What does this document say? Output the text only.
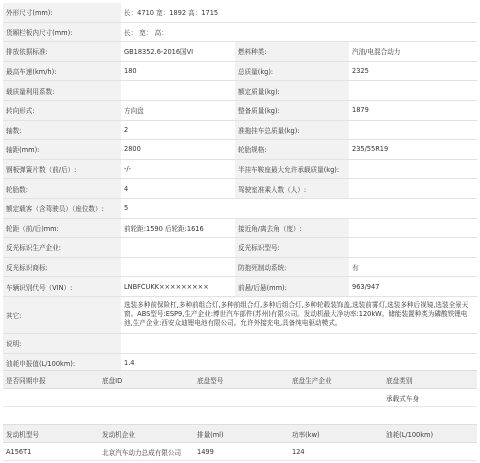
外形尺寸(mm):	长：4710 宽：1892 高：1715		
货厢栏板内尺寸(mm):	长： 宽： 高：		
排放依据标准:	GB18352.6-2016国VI	燃料种类:	汽油/电混合动力
最高车速(km/h):	180	总质量(kg):	2325
载质量利用系数:		额定质量(kg):	
转向形式:	方向盘	整备质量(kg):	1879
轴数:	2	准拖挂车总质量(kg):	
轴距(mm):	2800	轮胎规格:	235/55R19
钢板弹簧片数（前/后）:	-/-	半挂车鞍座最大允许承载质量(kg):	
轮胎数:	4	驾驶室准乘人数（人）:	
额定载客（含驾驶员）（座位数）:	5		
轮距（前/后)mm:	前轮距:1590 后轮距:1616	接近角/离去角（度）:	
反光标识生产企业:		反光标识型号:	
反光标识商标:		防抱死制动系统:	有
车辆识别代号（VIN）:	LNBFCUKK×××××××××	前悬/后悬(mm):	963/947
其它:	选装多种前保险杠,多种前组合灯,多种前组合灯,多种后组合灯,多种轮毂装饰盖,选装前雾灯,选装多种后视镜,选装全景天窗。ABS型号:ESP9,生产企业:博世汽车部件(苏州)有限公司。发动机最大净功率:120kW。储能装置种类为磷酸铁锂电池,生产企业:西安众迪锂电池有限公司。允许外接充电,具备纯电驱动模式。		
说明:			
油耗申报值(L/100km):	1.4		
是否同期申报	底盘ID	底盘型号	底盘生产企业	底盘类别
				承载式车身
发动机型号	发动机企业	排量(ml)	功率(kw)	油耗(L/100km)
A156T1	北京汽车动力总成有限公司	1499	124	
